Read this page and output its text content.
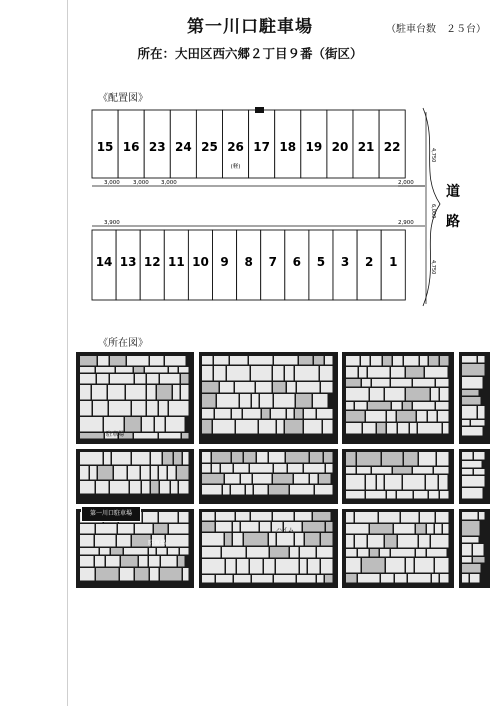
第一川口駐車場	（駐車台数　２５台）
所在：大田区西六郷２丁目９番（街区）
《配置図》
15 16 23 24 25 26
(軽)
17 18 19 20 21 22
14 13 12 11 10 9 8 7 6 5 3 2 1
3,000 3,000 3,000	2,000
3,900	2,900
4,750
6,000
4,750
道
路
《所在図》
駐車場
ハイム
駐車場
第一川口駐車場
